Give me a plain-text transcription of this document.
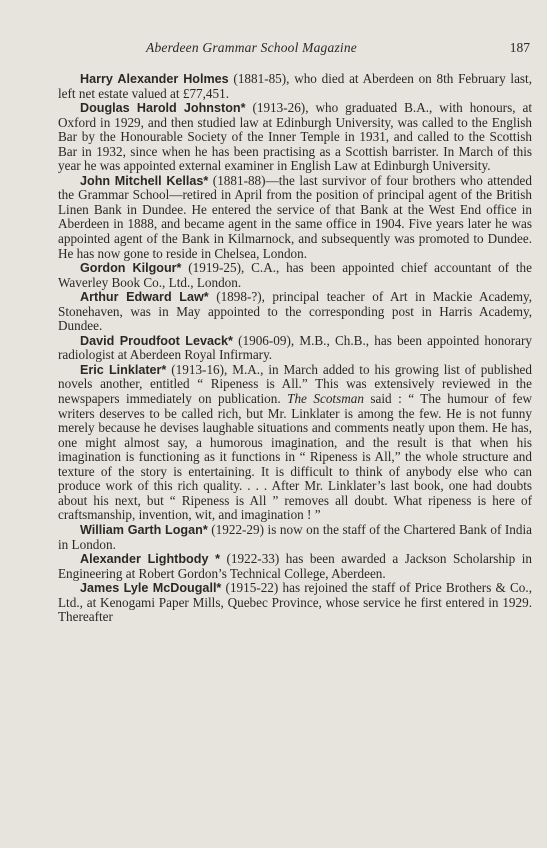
Aberdeen Grammar School Magazine	187

Harry Alexander Holmes (1881-85), who died at Aberdeen on 8th February last, left net estate valued at £77,451.

Douglas Harold Johnston* (1913-26), who graduated B.A., with honours, at Oxford in 1929, and then studied law at Edinburgh University, was called to the English Bar by the Honourable Society of the Inner Temple in 1931, and called to the Scottish Bar in 1932, since when he has been practising as a Scottish barrister. In March of this year he was appointed external examiner in English Law at Edinburgh University.

John Mitchell Kellas* (1881-88)—the last survivor of four brothers who attended the Grammar School—retired in April from the position of principal agent of the British Linen Bank in Dundee. He entered the service of that Bank at the West End office in Aberdeen in 1888, and became agent in the same office in 1904. Five years later he was appointed agent of the Bank in Kilmarnock, and subsequently was promoted to Dundee. He has now gone to reside in Chelsea, London.

Gordon Kilgour* (1919-25), C.A., has been appointed chief accountant of the Waverley Book Co., Ltd., London.

Arthur Edward Law* (1898-?), principal teacher of Art in Mackie Academy, Stonehaven, was in May appointed to the corresponding post in Harris Academy, Dundee.

David Proudfoot Levack* (1906-09), M.B., Ch.B., has been appointed honorary radiologist at Aberdeen Royal Infirmary.

Eric Linklater* (1913-16), M.A., in March added to his growing list of published novels another, entitled “ Ripeness is All.” This was extensively reviewed in the newspapers immediately on publication. The Scotsman said : “ The humour of few writers deserves to be called rich, but Mr. Linklater is among the few. He is not funny merely because he devises laughable situations and comments neatly upon them. He has, one might almost say, a humorous imagination, and the result is that when his imagination is functioning as it functions in “ Ripeness is All,” the whole structure and texture of the story is entertaining. It is difficult to think of anybody else who can produce work of this rich quality. . . . After Mr. Linklater’s last book, one had doubts about his next, but “ Ripeness is All ” removes all doubt. What ripeness is here of craftsmanship, invention, wit, and imagination ! ”

William Garth Logan* (1922-29) is now on the staff of the Chartered Bank of India in London.

Alexander Lightbody * (1922-33) has been awarded a Jackson Scholarship in Engineering at Robert Gordon’s Technical College, Aberdeen.

James Lyle McDougall* (1915-22) has rejoined the staff of Price Brothers & Co., Ltd., at Kenogami Paper Mills, Quebec Province, whose service he first entered in 1929. Thereafter
